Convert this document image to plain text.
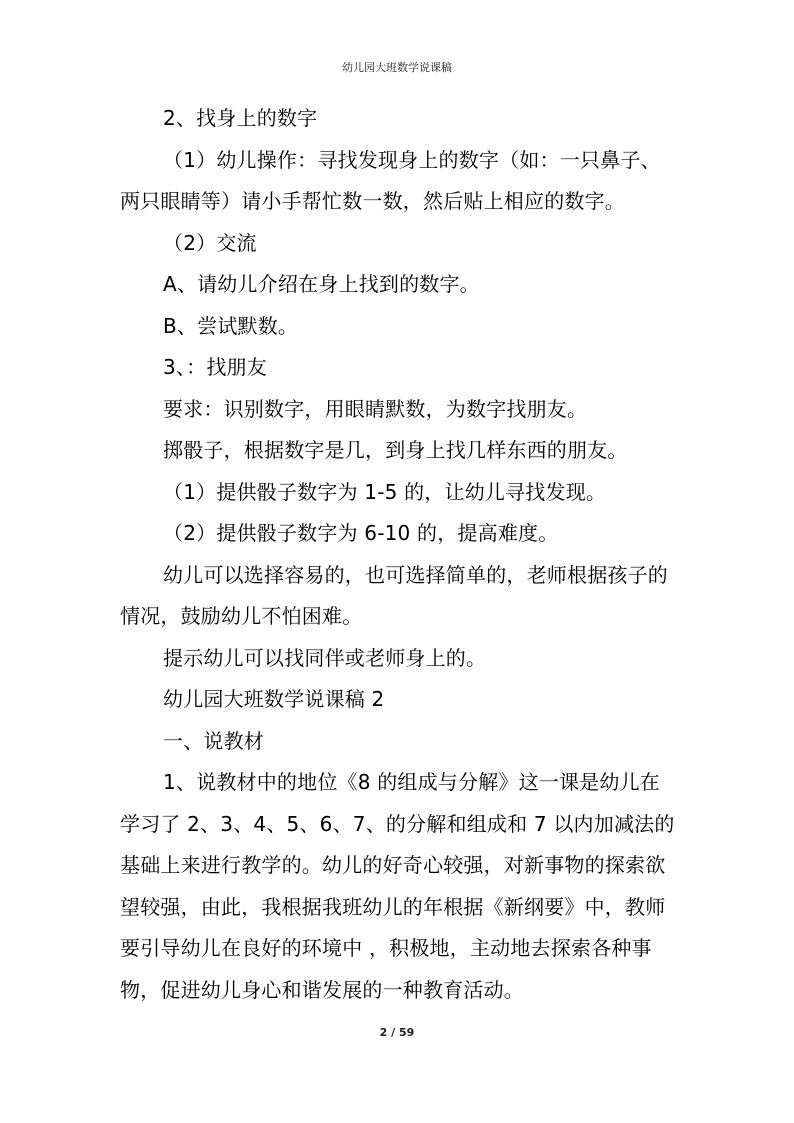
幼儿园大班数学说课稿

2、找身上的数字

（1）幼儿操作：寻找发现身上的数字（如：一只鼻子、两只眼睛等）请小手帮忙数一数，然后贴上相应的数字。

（2）交流

A、请幼儿介绍在身上找到的数字。

B、尝试默数。

3、：找朋友

要求：识别数字，用眼睛默数，为数字找朋友。

掷骰子，根据数字是几，到身上找几样东西的朋友。

（1）提供骰子数字为 1-5 的，让幼儿寻找发现。

（2）提供骰子数字为 6-10 的，提高难度。

幼儿可以选择容易的，也可选择简单的，老师根据孩子的情况，鼓励幼儿不怕困难。

提示幼儿可以找同伴或老师身上的。

幼儿园大班数学说课稿 2

一、说教材

1、说教材中的地位《8 的组成与分解》这一课是幼儿在学习了 2、3、4、5、6、7、的分解和组成和 7 以内加减法的基础上来进行教学的。幼儿的好奇心较强，对新事物的探索欲望较强，由此，我根据我班幼儿的年根据《新纲要》中，教师要引导幼儿在良好的环境中 ，积极地，主动地去探索各种事物，促进幼儿身心和谐发展的一种教育活动。

2 / 59
